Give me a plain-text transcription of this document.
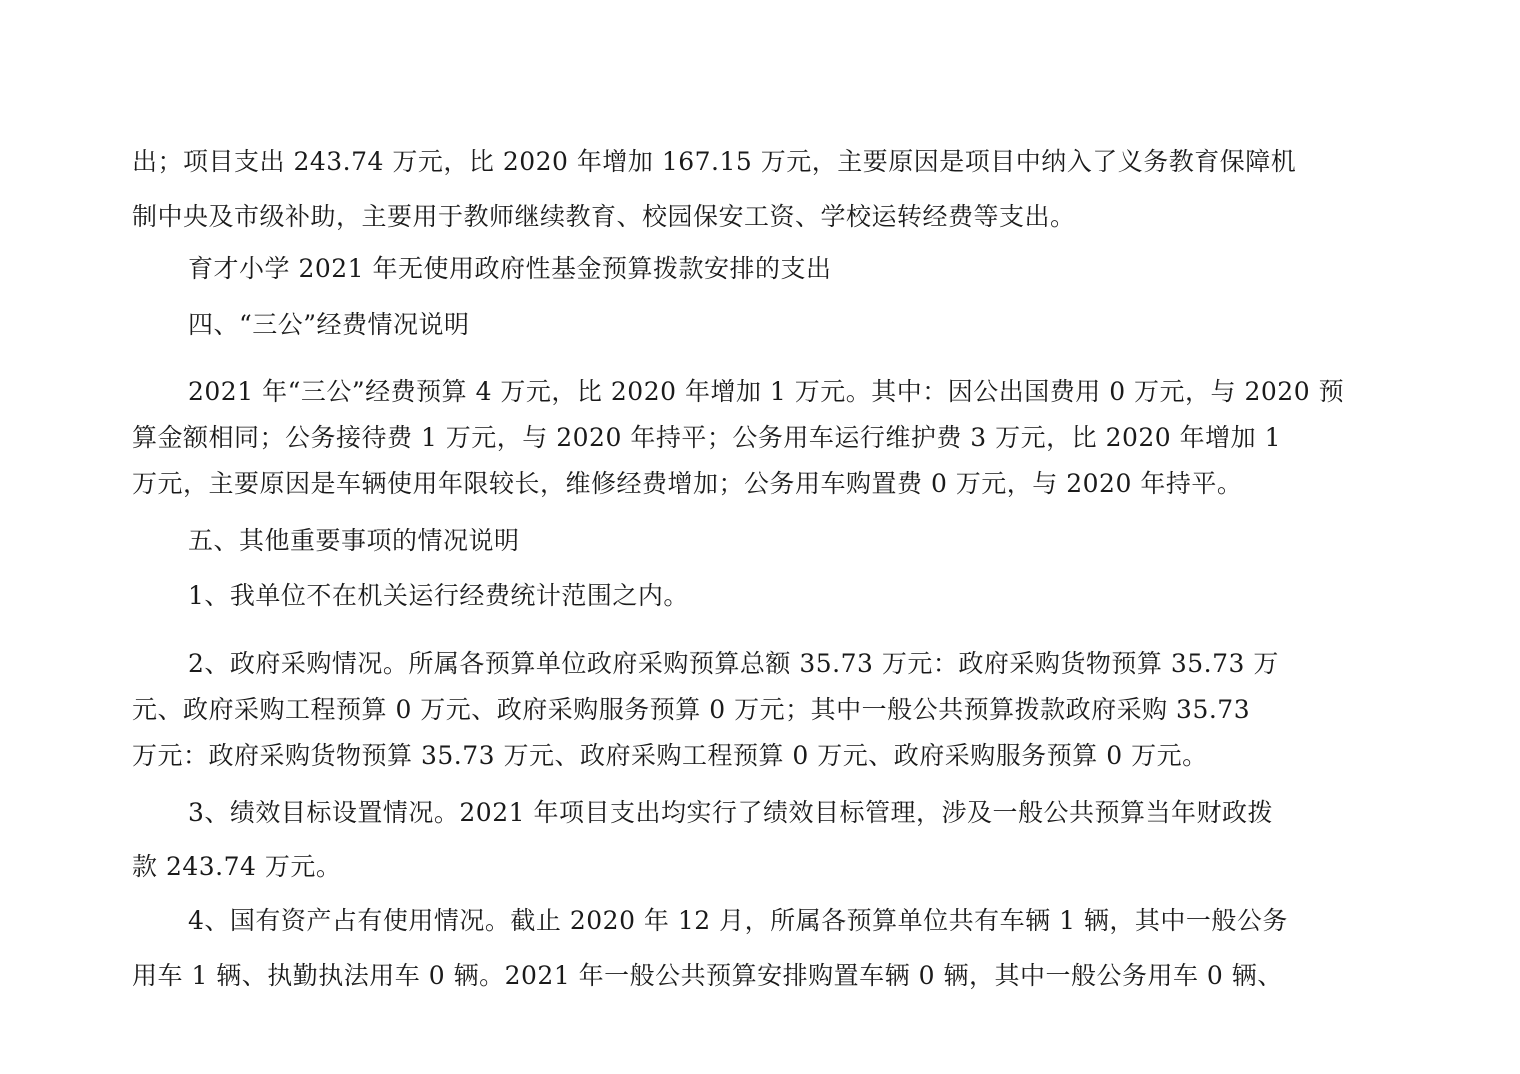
出；项目支出 243.74 万元，比 2020 年增加 167.15 万元，主要原因是项目中纳入了义务教育保障机
制中央及市级补助，主要用于教师继续教育、校园保安工资、学校运转经费等支出。
育才小学 2021 年无使用政府性基金预算拨款安排的支出
四、“三公”经费情况说明
2021 年“三公”经费预算 4 万元，比 2020 年增加 1 万元。其中：因公出国费用 0 万元，与 2020 预
算金额相同；公务接待费 1 万元，与 2020 年持平；公务用车运行维护费 3 万元，比 2020 年增加 1
万元，主要原因是车辆使用年限较长，维修经费增加；公务用车购置费 0 万元，与 2020 年持平。
五、其他重要事项的情况说明
1、我单位不在机关运行经费统计范围之内。
2、政府采购情况。所属各预算单位政府采购预算总额 35.73 万元：政府采购货物预算 35.73 万
元、政府采购工程预算 0 万元、政府采购服务预算 0 万元；其中一般公共预算拨款政府采购 35.73
万元：政府采购货物预算 35.73 万元、政府采购工程预算 0 万元、政府采购服务预算 0 万元。
3、绩效目标设置情况。2021 年项目支出均实行了绩效目标管理，涉及一般公共预算当年财政拨
款 243.74 万元。
4、国有资产占有使用情况。截止 2020 年 12 月，所属各预算单位共有车辆 1 辆，其中一般公务
用车 1 辆、执勤执法用车 0 辆。2021 年一般公共预算安排购置车辆 0 辆，其中一般公务用车 0 辆、
